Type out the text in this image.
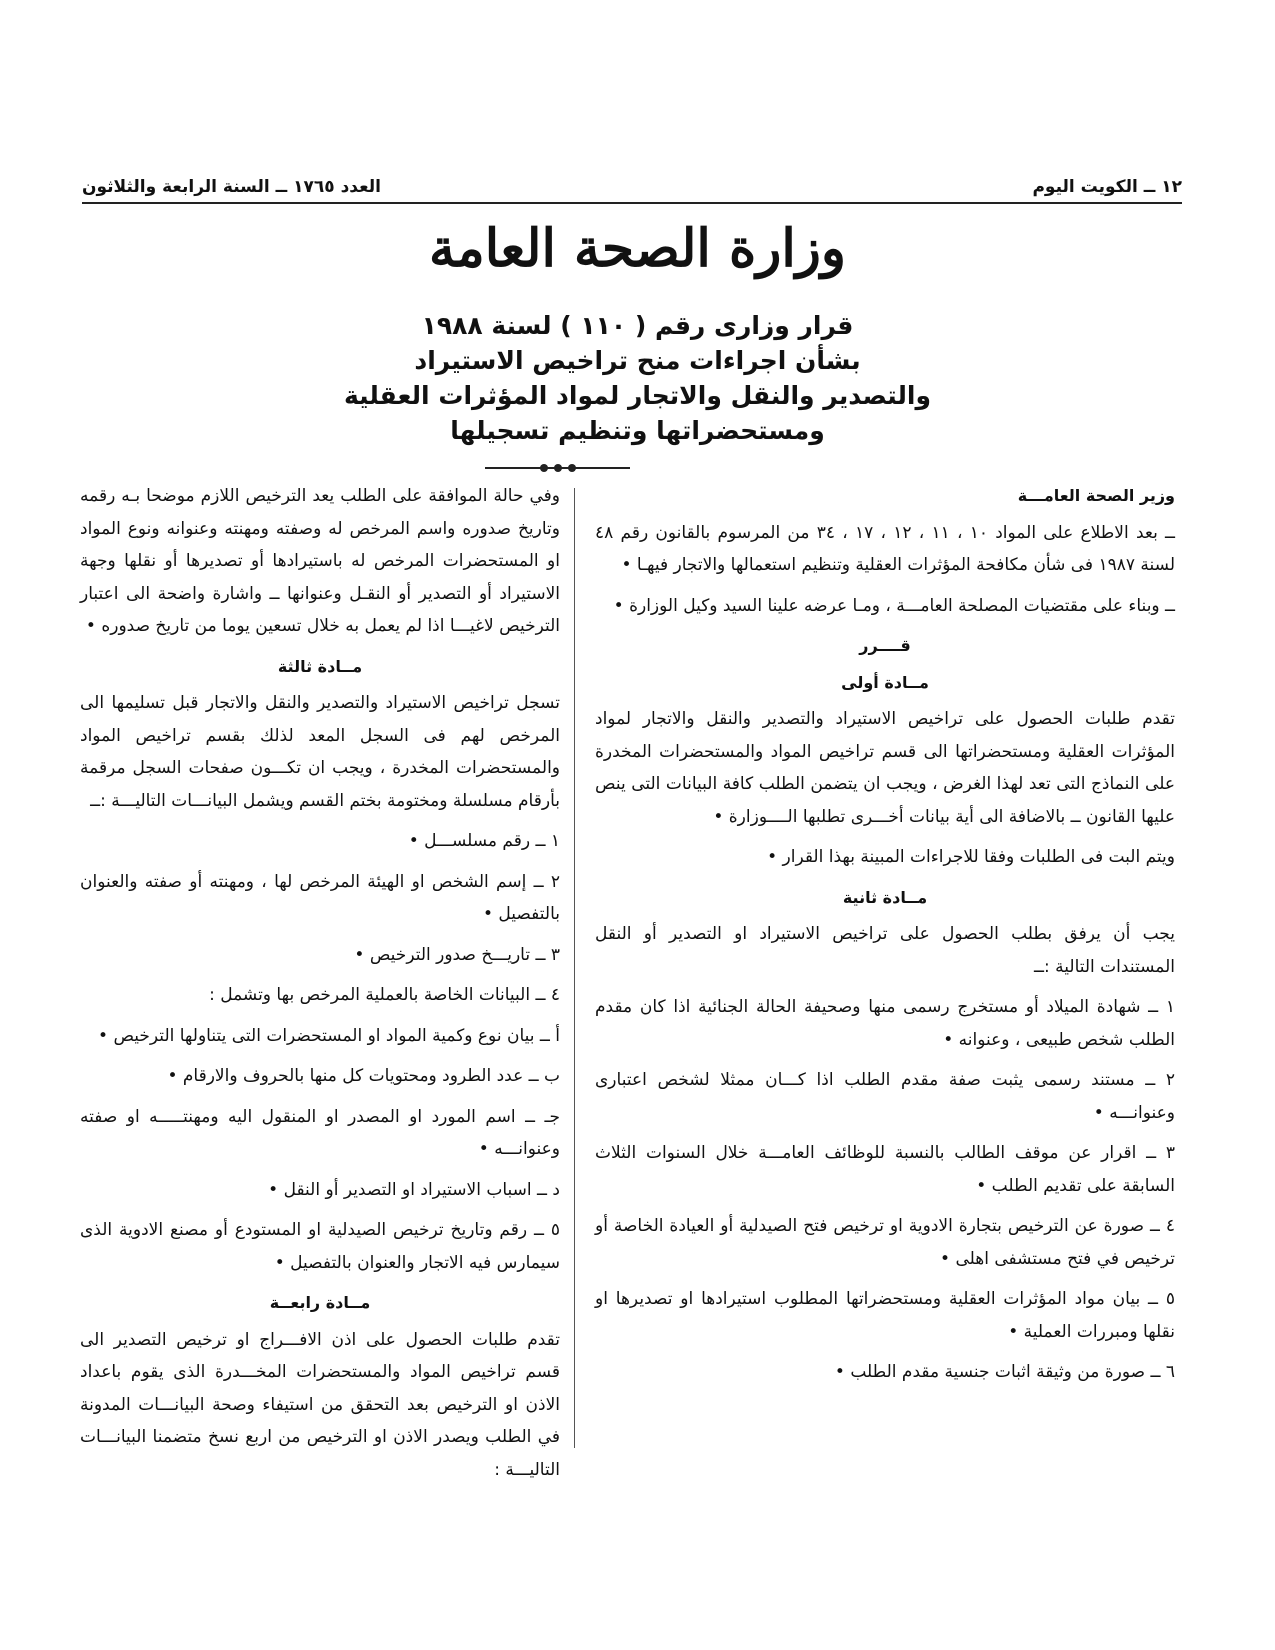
١٢ ــ الكويت اليوم
العدد ١٧٦٥ ــ السنة الرابعة والثلاثون
وزارة الصحة العامة
قرار وزارى رقم ( ١١٠ ) لسنة ١٩٨٨
بشأن اجراءات منح تراخيص الاستيراد
والتصدير والنقل والاتجار لمواد المؤثرات العقلية
ومستحضراتها وتنظيم تسجيلها
وزير الصحة العامـــة

ــ بعد الاطلاع على المواد ١٠ ، ١١ ، ١٢ ، ١٧ ، ٣٤ من المرسوم بالقانون رقم ٤٨ لسنة ١٩٨٧ فى شأن مكافحة المؤثرات العقلية وتنظيم استعمالها والاتجار فيهـا •

ــ وبناء على مقتضيات المصلحة العامـــة ، ومـا عرضه علينا السيد وكيل الوزارة •

قــــرر
مــادة أولى

تقدم طلبات الحصول على تراخيص الاستيراد والتصدير والنقل والاتجار لمواد المؤثرات العقلية ومستحضراتها الى قسم تراخيص المواد والمستحضرات المخدرة على النماذج التى تعد لهذا الغرض ، ويجب ان يتضمن الطلب كافة البيانات التى ينص عليها القانون ــ بالاضافة الى أية بيانات أخـــرى تطلبها الــــوزارة •

ويتم البت فى الطلبات وفقا للاجراءات المبينة بهذا القرار •

مــادة ثانية

يجب أن يرفق بطلب الحصول على تراخيص الاستيراد او التصدير أو النقل المستندات التالية :ــ

١ ــ شهادة الميلاد أو مستخرج رسمى منها وصحيفة الحالة الجنائية اذا كان مقدم الطلب شخص طبيعى ، وعنوانه •

٢ ــ مستند رسمى يثبت صفة مقدم الطلب اذا كـــان ممثلا لشخص اعتبارى وعنوانـــه •

٣ ــ اقرار عن موقف الطالب بالنسبة للوظائف العامـــة خلال السنوات الثلاث السابقة على تقديم الطلب •

٤ ــ صورة عن الترخيص بتجارة الادوية او ترخيص فتح الصيدلية أو العيادة الخاصة أو ترخيص في فتح مستشفى اهلى •

٥ ــ بيان مواد المؤثرات العقلية ومستحضراتها المطلوب استيرادها او تصديرها او نقلها ومبررات العملية •

٦ ــ صورة من وثيقة اثبات جنسية مقدم الطلب •

وفي حالة الموافقة على الطلب يعد الترخيص اللازم موضحا بـه رقمه وتاريخ صدوره واسم المرخص له وصفته ومهنته وعنوانه ونوع المواد او المستحضرات المرخص له باستيرادها أو تصديرها أو نقلها وجهة الاستيراد أو التصدير أو النقـل وعنوانها ــ واشارة واضحة الى اعتبار الترخيص لاغيـــا اذا لم يعمل به خلال تسعين يوما من تاريخ صدوره •

مــادة ثالثة

تسجل تراخيص الاستيراد والتصدير والنقل والاتجار قبل تسليمها الى المرخص لهم فى السجل المعد لذلك بقسم تراخيص المواد والمستحضرات المخدرة ، ويجب ان تكـــون صفحات السجل مرقمة بأرقام مسلسلة ومختومة بختم القسم ويشمل البيانـــات التاليـــة :ــ

١ ــ رقم مسلســـل •

٢ ــ إسم الشخص او الهيئة المرخص لها ، ومهنته أو صفته والعنوان بالتفصيل •

٣ ــ تاريـــخ صدور الترخيص •

٤ ــ البيانات الخاصة بالعملية المرخص بها وتشمل :

أ ــ بيان نوع وكمية المواد او المستحضرات التى يتناولها الترخيص •

ب ــ عدد الطرود ومحتويات كل منها بالحروف والارقام •

جـ ــ اسم المورد او المصدر او المنقول اليه ومهنتـــــه او صفته وعنوانـــه •

د ــ اسباب الاستيراد او التصدير أو النقل •

٥ ــ رقم وتاريخ ترخيص الصيدلية او المستودع أو مصنع الادوية الذى سيمارس فيه الاتجار والعنوان بالتفصيل •

مــادة رابعــة

تقدم طلبات الحصول على اذن الافـــراج او ترخيص التصدير الى قسم تراخيص المواد والمستحضرات المخـــدرة الذى يقوم باعداد الاذن او الترخيص بعد التحقق من استيفاء وصحة البيانـــات المدونة في الطلب ويصدر الاذن او الترخيص من اربع نسخ متضمنا البيانـــات التاليـــة :
